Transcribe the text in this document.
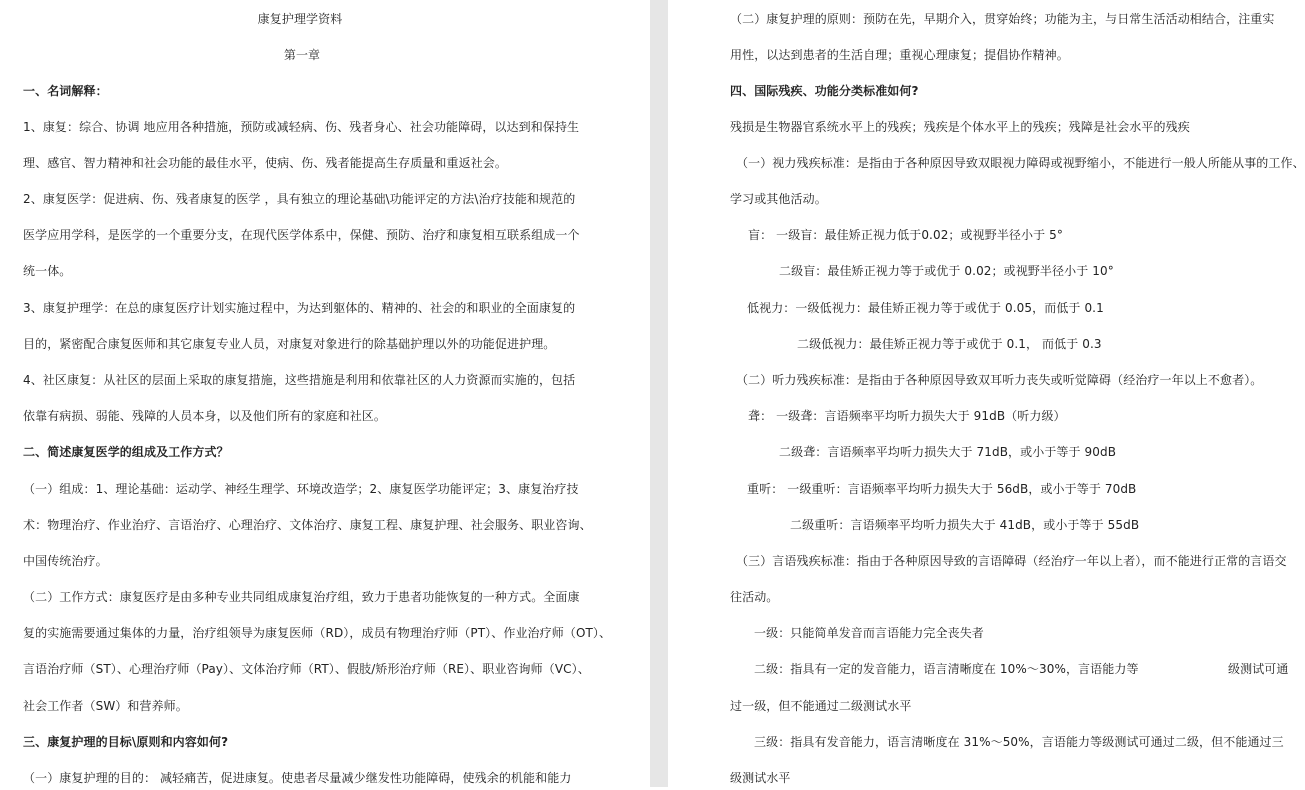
康复护理学资料
第一章
一、名词解释：
1、康复：综合、协调 地应用各种措施，预防或减轻病、伤、残者身心、社会功能障碍，以达到和保持生
理、感官、智力精神和社会功能的最佳水平，使病、伤、残者能提高生存质量和重返社会。
2、康复医学：促进病、伤、残者康复的医学 ，具有独立的理论基础\功能评定的方法\治疗技能和规范的
医学应用学科，是医学的一个重要分支，在现代医学体系中，保健、预防、治疗和康复相互联系组成一个
统一体。
3、康复护理学：在总的康复医疗计划实施过程中，为达到躯体的、精神的、社会的和职业的全面康复的
目的，紧密配合康复医师和其它康复专业人员，对康复对象进行的除基础护理以外的功能促进护理。
4、社区康复：从社区的层面上采取的康复措施，这些措施是利用和依靠社区的人力资源而实施的，包括
依靠有病损、弱能、残障的人员本身，以及他们所有的家庭和社区。
二、简述康复医学的组成及工作方式？
（一）组成：1、理论基础：运动学、神经生理学、环境改造学；2、康复医学功能评定；3、康复治疗技
术：物理治疗、作业治疗、言语治疗、心理治疗、文体治疗、康复工程、康复护理、社会服务、职业咨询、
中国传统治疗。
（二）工作方式：康复医疗是由多种专业共同组成康复治疗组，致力于患者功能恢复的一种方式。全面康
复的实施需要通过集体的力量，治疗组领导为康复医师（RD），成员有物理治疗师（PT）、作业治疗师（OT）、
言语治疗师（ST）、心理治疗师（Pay）、文体治疗师（RT）、假肢/矫形治疗师（RE）、职业咨询师（VC）、
社会工作者（SW）和营养师。
三、康复护理的目标\原则和内容如何?
（一）康复护理的目的： 减轻痛苦，促进康复。使患者尽量减少继发性功能障碍，使残余的机能和能力
（二）康复护理的原则：预防在先，早期介入，贯穿始终；功能为主，与日常生活活动相结合，注重实
用性，以达到患者的生活自理；重视心理康复；提倡协作精神。
四、国际残疾、功能分类标准如何?
残损是生物器官系统水平上的残疾；残疾是个体水平上的残疾；残障是社会水平的残疾
（一）视力残疾标准：是指由于各种原因导致双眼视力障碍或视野缩小，不能进行一般人所能从事的工作、
学习或其他活动。
盲： 一级盲：最佳矫正视力低于0.02；或视野半径小于 5°
二级盲：最佳矫正视力等于或优于 0.02；或视野半径小于 10°
低视力：一级低视力：最佳矫正视力等于或优于 0.05，而低于 0.1
二级低视力：最佳矫正视力等于或优于 0.1， 而低于 0.3
（二）听力残疾标准：是指由于各种原因导致双耳听力丧失或听觉障碍（经治疗一年以上不愈者）。
聋： 一级聋：言语频率平均听力损失大于 91dB（听力级）
二级聋：言语频率平均听力损失大于 71dB，或小于等于 90dB
重听： 一级重听：言语频率平均听力损失大于 56dB，或小于等于 70dB
二级重听：言语频率平均听力损失大于 41dB，或小于等于 55dB
（三）言语残疾标准：指由于各种原因导致的言语障碍（经治疗一年以上者），而不能进行正常的言语交
往活动。
一级：只能简单发音而言语能力完全丧失者
二级：指具有一定的发音能力，语言清晰度在 10%～30%，言语能力等	级测试可通
过一级，但不能通过二级测试水平
三级：指具有发音能力，语言清晰度在 31%～50%，言语能力等级测试可通过二级，但不能通过三
级测试水平
